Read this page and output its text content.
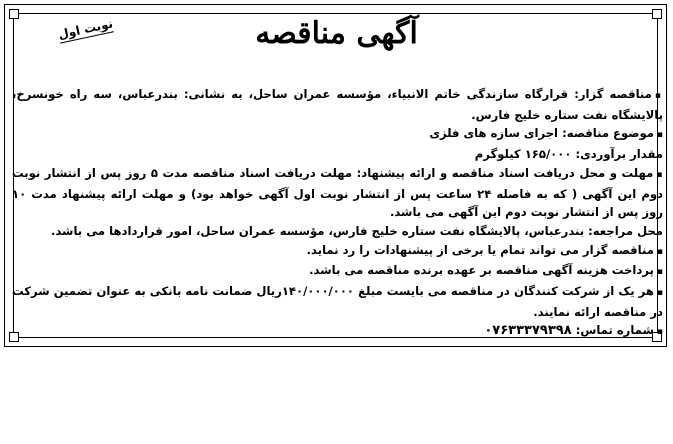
آگهی مناقصه
نوبت اول

▪مناقصه گزار: قرارگاه سازندگی خاتم الانبیاء، مؤسسه عمران ساحل، به نشانی: بندرعباس، سه راه خونسرخ، پالایشگاه نفت ستاره خلیج فارس.

▪موضوع مناقصه: اجرای سازه های فلزی

مقدار برآوردی: ۱۶۵/۰۰۰ کیلوگرم

▪مهلت و محل دریافت اسناد مناقصه و ارائه پیشنهاد: مهلت دریافت اسناد مناقصه مدت ۵ روز پس از انتشار نوبت دوم این آگهی ( که به فاصله ۲۴ ساعت پس از انتشار نوبت اول آگهی خواهد بود) و مهلت ارائه پیشنهاد مدت ۱۰ روز پس از انتشار نوبت دوم این آگهی می باشد.

محل مراجعه: بندرعباس، پالایشگاه نفت ستاره خلیج فارس، مؤسسه عمران ساحل، امور قراردادها می باشد.

▪مناقصه گزار می تواند تمام یا برخی از پیشنهادات را رد نماید.

▪پرداخت هزینه آگهی مناقصه بر عهده برنده مناقصه می باشد.

▪هر یک از شرکت کنندگان در مناقصه می بایست مبلغ ۱۴۰/۰۰۰/۰۰۰ریال ضمانت نامه بانکی به عنوان تضمین شرکت در مناقصه ارائه نمایند.

▪شماره تماس: ۰۷۶۳۳۳۷۹۳۹۸
